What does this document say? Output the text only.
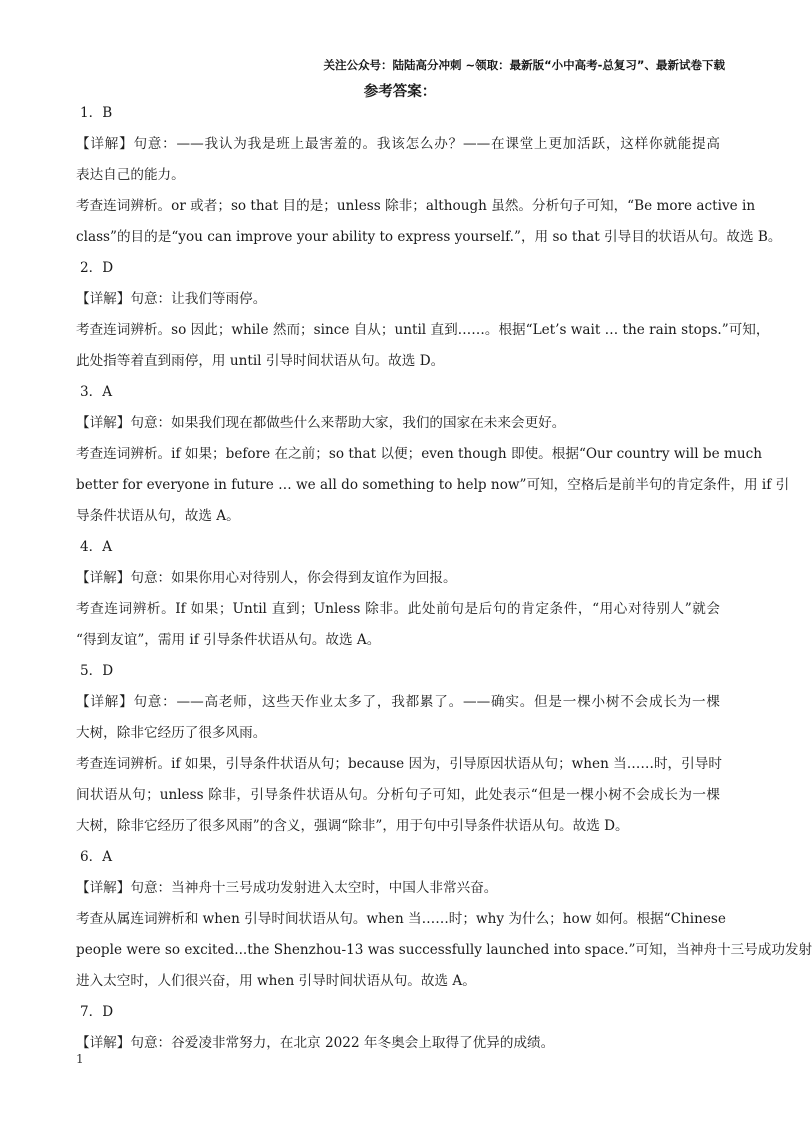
关注公众号：陆陆高分冲刺 ~领取：最新版“小中高考-总复习”、最新试卷下载
参考答案：
1．B
【详解】句意：——我认为我是班上最害羞的。我该怎么办？——在课堂上更加活跃，这样你就能提高
表达自己的能力。
考查连词辨析。or 或者；so that 目的是；unless 除非；although 虽然。分析句子可知，“Be more active in
class”的目的是“you can improve your ability to express yourself.”，用 so that 引导目的状语从句。故选 B。
2．D
【详解】句意：让我们等雨停。
考查连词辨析。so 因此；while 然而；since 自从；until 直到……。根据“Let’s wait … the rain stops.”可知，
此处指等着直到雨停，用 until 引导时间状语从句。故选 D。
3．A
【详解】句意：如果我们现在都做些什么来帮助大家，我们的国家在未来会更好。
考查连词辨析。if 如果；before 在之前；so that 以便；even though 即使。根据“Our country will be much
better for everyone in future … we all do something to help now”可知，空格后是前半句的肯定条件，用 if 引
导条件状语从句，故选 A。
4．A
【详解】句意：如果你用心对待别人，你会得到友谊作为回报。
考查连词辨析。If 如果；Until 直到；Unless 除非。此处前句是后句的肯定条件，“用心对待别人”就会
“得到友谊”，需用 if 引导条件状语从句。故选 A。
5．D
【详解】句意：——高老师，这些天作业太多了，我都累了。——确实。但是一棵小树不会成长为一棵
大树，除非它经历了很多风雨。
考查连词辨析。if 如果，引导条件状语从句；because 因为，引导原因状语从句；when 当……时，引导时
间状语从句；unless 除非，引导条件状语从句。分析句子可知，此处表示“但是一棵小树不会成长为一棵
大树，除非它经历了很多风雨”的含义，强调“除非”，用于句中引导条件状语从句。故选 D。
6．A
【详解】句意：当神舟十三号成功发射进入太空时，中国人非常兴奋。
考查从属连词辨析和 when 引导时间状语从句。when 当……时；why 为什么；how 如何。根据“Chinese
people were so excited...the Shenzhou-13 was successfully launched into space.”可知，当神舟十三号成功发射
进入太空时，人们很兴奋，用 when 引导时间状语从句。故选 A。
7．D
【详解】句意：谷爱凌非常努力，在北京 2022 年冬奥会上取得了优异的成绩。
1
